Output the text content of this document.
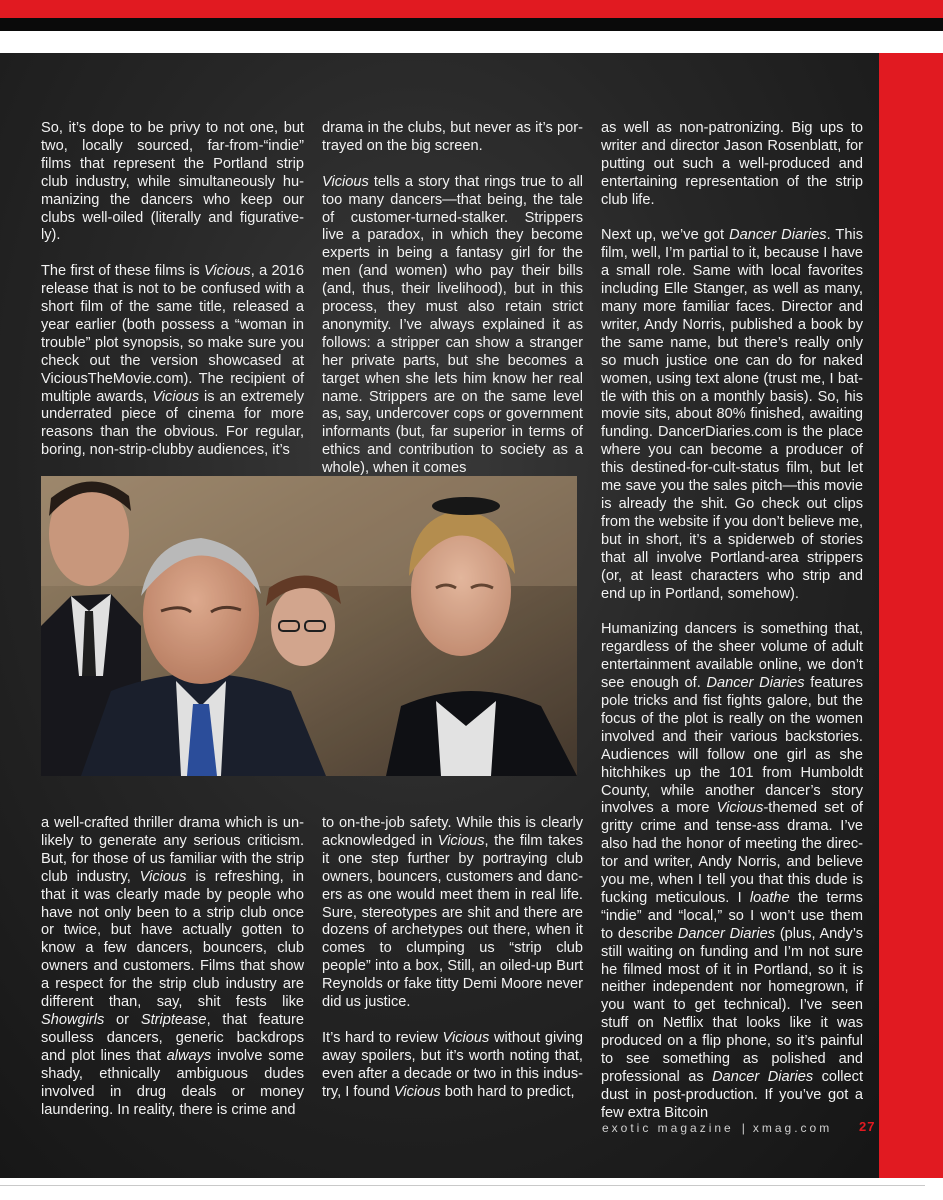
So, it’s dope to be privy to not one, but two, locally sourced, far-from-“indie” films that represent the Portland strip club industry, while simultaneously humanizing the dancers who keep our clubs well-oiled (literally and figuratively).

The first of these films is Vicious, a 2016 release that is not to be confused with a short film of the same title, released a year earlier (both possess a “woman in trouble” plot synopsis, so make sure you check out the version showcased at ViciousTheMovie.com). The recipient of multiple awards, Vicious is an extremely underrated piece of cinema for more reasons than the obvious. For regular, boring, non-strip-clubby audiences, it’s

drama in the clubs, but never as it’s portrayed on the big screen.

Vicious tells a story that rings true to all too many dancers—that being, the tale of customer-turned-stalker. Strippers live a paradox, in which they become experts in being a fantasy girl for the men (and women) who pay their bills (and, thus, their livelihood), but in this process, they must also retain strict anonymity. I’ve always explained it as follows: a stripper can show a stranger her private parts, but she becomes a target when she lets him know her real name. Strippers are on the same level as, say, undercover cops or government informants (but, far superior in terms of ethics and contribution to society as a whole), when it comes

as well as non-patronizing. Big ups to writer and director Jason Rosenblatt, for putting out such a well-produced and entertaining representation of the strip club life.

Next up, we’ve got Dancer Diaries. This film, well, I’m partial to it, because I have a small role. Same with local favorites including Elle Stanger, as well as many, many more familiar faces. Director and writer, Andy Norris, published a book by the same name, but there’s really only so much justice one can do for naked women, using text alone (trust me, I battle with this on a monthly basis). So, his movie sits, about 80% finished, awaiting funding. DancerDiaries.com is the place where you can become a producer of this destined-for-cult-status film, but let me save you the sales pitch—this movie is already the shit. Go check out clips from the website if you don’t believe me, but in short, it’s a spiderweb of stories that all involve Portland-area strippers (or, at least characters who strip and end up in Portland, somehow).

Humanizing dancers is something that, regardless of the sheer volume of adult entertainment available online, we don’t see enough of. Dancer Diaries features pole tricks and fist fights galore, but the focus of the plot is really on the women involved and their various backstories. Audiences will follow one girl as she hitchhikes up the 101 from Humboldt County, while another dancer’s story involves a more Vicious-themed set of gritty crime and tense-ass drama. I’ve also had the honor of meeting the director and writer, Andy Norris, and believe you me, when I tell you that this dude is fucking meticulous. I loathe the terms “indie” and “local,” so I won’t use them to describe Dancer Diaries (plus, Andy’s still waiting on funding and I’m not sure he filmed most of it in Portland, so it is neither independent nor homegrown, if you want to get technical). I’ve seen stuff on Netflix that looks like it was produced on a flip phone, so it’s painful to see something as polished and professional as Dancer Diaries collect dust in post-production. If you’ve got a few extra Bitcoin

a well-crafted thriller drama which is unlikely to generate any serious criticism. But, for those of us familiar with the strip club industry, Vicious is refreshing, in that it was clearly made by people who have not only been to a strip club once or twice, but have actually gotten to know a few dancers, bouncers, club owners and customers. Films that show a respect for the strip club industry are different than, say, shit fests like Showgirls or Striptease, that feature soulless dancers, generic backdrops and plot lines that always involve some shady, ethnically ambiguous dudes involved in drug deals or money laundering. In reality, there is crime and

to on-the-job safety. While this is clearly acknowledged in Vicious, the film takes it one step further by portraying club owners, bouncers, customers and dancers as one would meet them in real life. Sure, stereotypes are shit and there are dozens of archetypes out there, when it comes to clumping us “strip club people” into a box, Still, an oiled-up Burt Reynolds or fake titty Demi Moore never did us justice.

It’s hard to review Vicious without giving away spoilers, but it’s worth noting that, even after a decade or two in this industry, I found Vicious both hard to predict,

exotic magazine | xmag.com	27
